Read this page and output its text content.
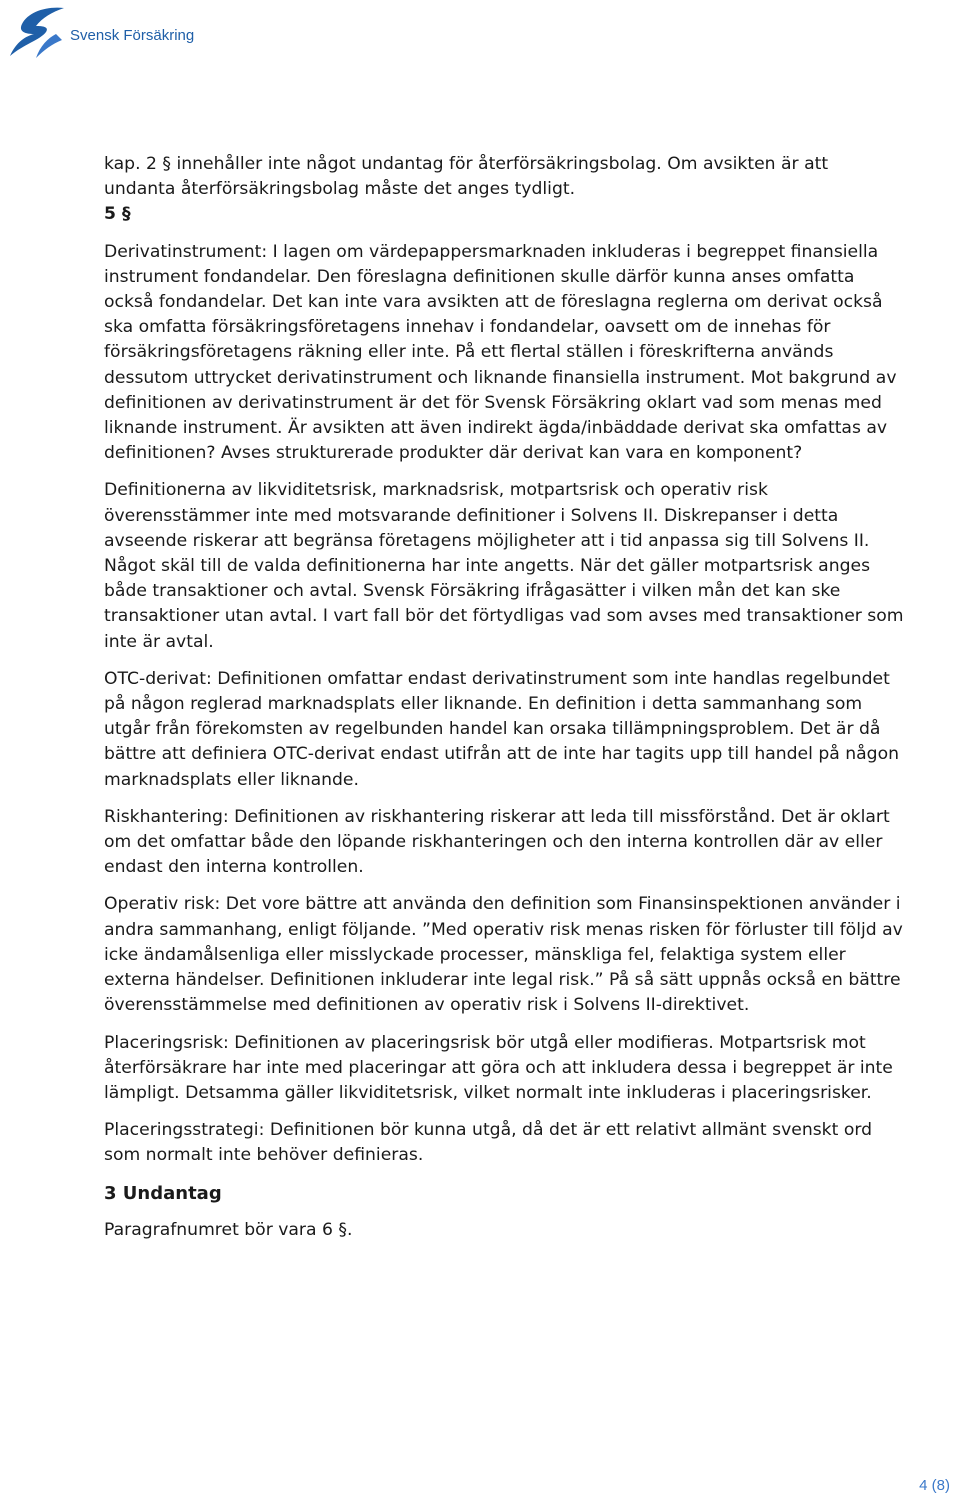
Svensk Försäkring

kap. 2 § innehåller inte något undantag för återförsäkringsbolag. Om avsikten är att undanta återförsäkringsbolag måste det anges tydligt.

5 §

Derivatinstrument: I lagen om värdepappersmarknaden inkluderas i begreppet finansiella instrument fondandelar. Den föreslagna definitionen skulle därför kunna anses omfatta också fondandelar. Det kan inte vara avsikten att de föreslagna reglerna om derivat också ska omfatta försäkringsföretagens innehav i fondandelar, oavsett om de innehas för försäkringsföretagens räkning eller inte. På ett flertal ställen i föreskrifterna används dessutom uttrycket derivatinstrument och liknande finansiella instrument. Mot bakgrund av definitionen av derivatinstrument är det för Svensk Försäkring oklart vad som menas med liknande instrument. Är avsikten att även indirekt ägda/inbäddade derivat ska omfattas av definitionen? Avses strukturerade produkter där derivat kan vara en komponent?

Definitionerna av likviditetsrisk, marknadsrisk, motpartsrisk och operativ risk överensstämmer inte med motsvarande definitioner i Solvens II. Diskrepanser i detta avseende riskerar att begränsa företagens möjligheter att i tid anpassa sig till Solvens II. Något skäl till de valda definitionerna har inte angetts. När det gäller motpartsrisk anges både transaktioner och avtal. Svensk Försäkring ifrågasätter i vilken mån det kan ske transaktioner utan avtal. I vart fall bör det förtydligas vad som avses med transaktioner som inte är avtal.

OTC-derivat: Definitionen omfattar endast derivatinstrument som inte handlas regelbundet på någon reglerad marknadsplats eller liknande. En definition i detta sammanhang som utgår från förekomsten av regelbunden handel kan orsaka tillämpningsproblem. Det är då bättre att definiera OTC-derivat endast utifrån att de inte har tagits upp till handel på någon marknadsplats eller liknande.

Riskhantering: Definitionen av riskhantering riskerar att leda till missförstånd. Det är oklart om det omfattar både den löpande riskhanteringen och den interna kontrollen där av eller endast den interna kontrollen.

Operativ risk: Det vore bättre att använda den definition som Finansinspektionen använder i andra sammanhang, enligt följande. ”Med operativ risk menas risken för förluster till följd av icke ändamålsenliga eller misslyckade processer, mänskliga fel, felaktiga system eller externa händelser. Definitionen inkluderar inte legal risk.” På så sätt uppnås också en bättre överensstämmelse med definitionen av operativ risk i Solvens II-direktivet.

Placeringsrisk: Definitionen av placeringsrisk bör utgå eller modifieras. Motpartsrisk mot återförsäkrare har inte med placeringar att göra och att inkludera dessa i begreppet är inte lämpligt. Detsamma gäller likviditetsrisk, vilket normalt inte inkluderas i placeringsrisker.

Placeringsstrategi: Definitionen bör kunna utgå, då det är ett relativt allmänt svenskt ord som normalt inte behöver definieras.

3 Undantag

Paragrafnumret bör vara 6 §.

4 (8)
